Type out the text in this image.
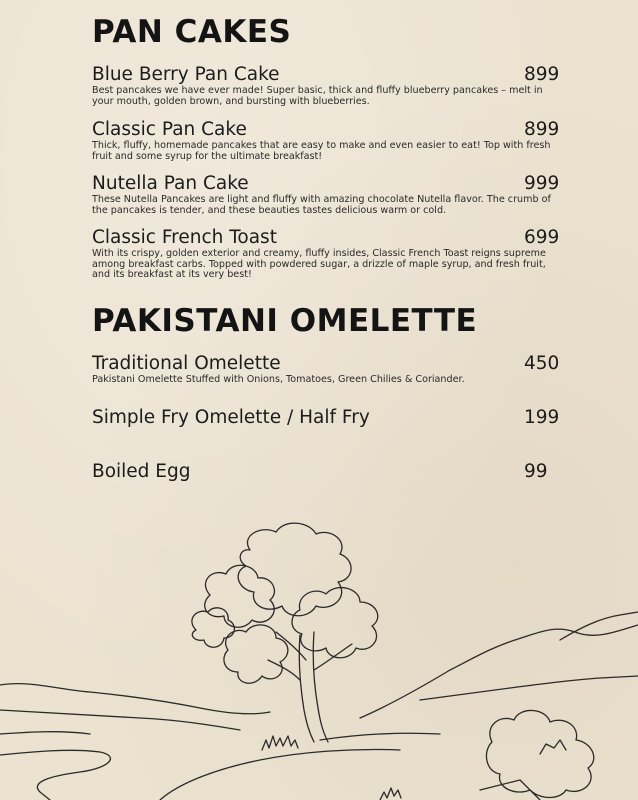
PAN CAKES
Blue Berry Pan Cake	899
Best pancakes we have ever made! Super basic, thick and fluffy blueberry pancakes – melt in your mouth, golden brown, and bursting with blueberries.
Classic Pan Cake	899
Thick, fluffy, homemade pancakes that are easy to make and even easier to eat! Top with fresh fruit and some syrup for the ultimate breakfast!
Nutella Pan Cake	999
These Nutella Pancakes are light and fluffy with amazing chocolate Nutella flavor. The crumb of the pancakes is tender, and these beauties tastes delicious warm or cold.
Classic French Toast	699
With its crispy, golden exterior and creamy, fluffy insides, Classic French Toast reigns supreme among breakfast carbs. Topped with powdered sugar, a drizzle of maple syrup, and fresh fruit, and its breakfast at its very best!
PAKISTANI OMELETTE
Traditional Omelette	450
Pakistani Omelette Stuffed with Onions, Tomatoes, Green Chilies & Coriander.
Simple Fry Omelette / Half Fry	199
Boiled Egg	99
